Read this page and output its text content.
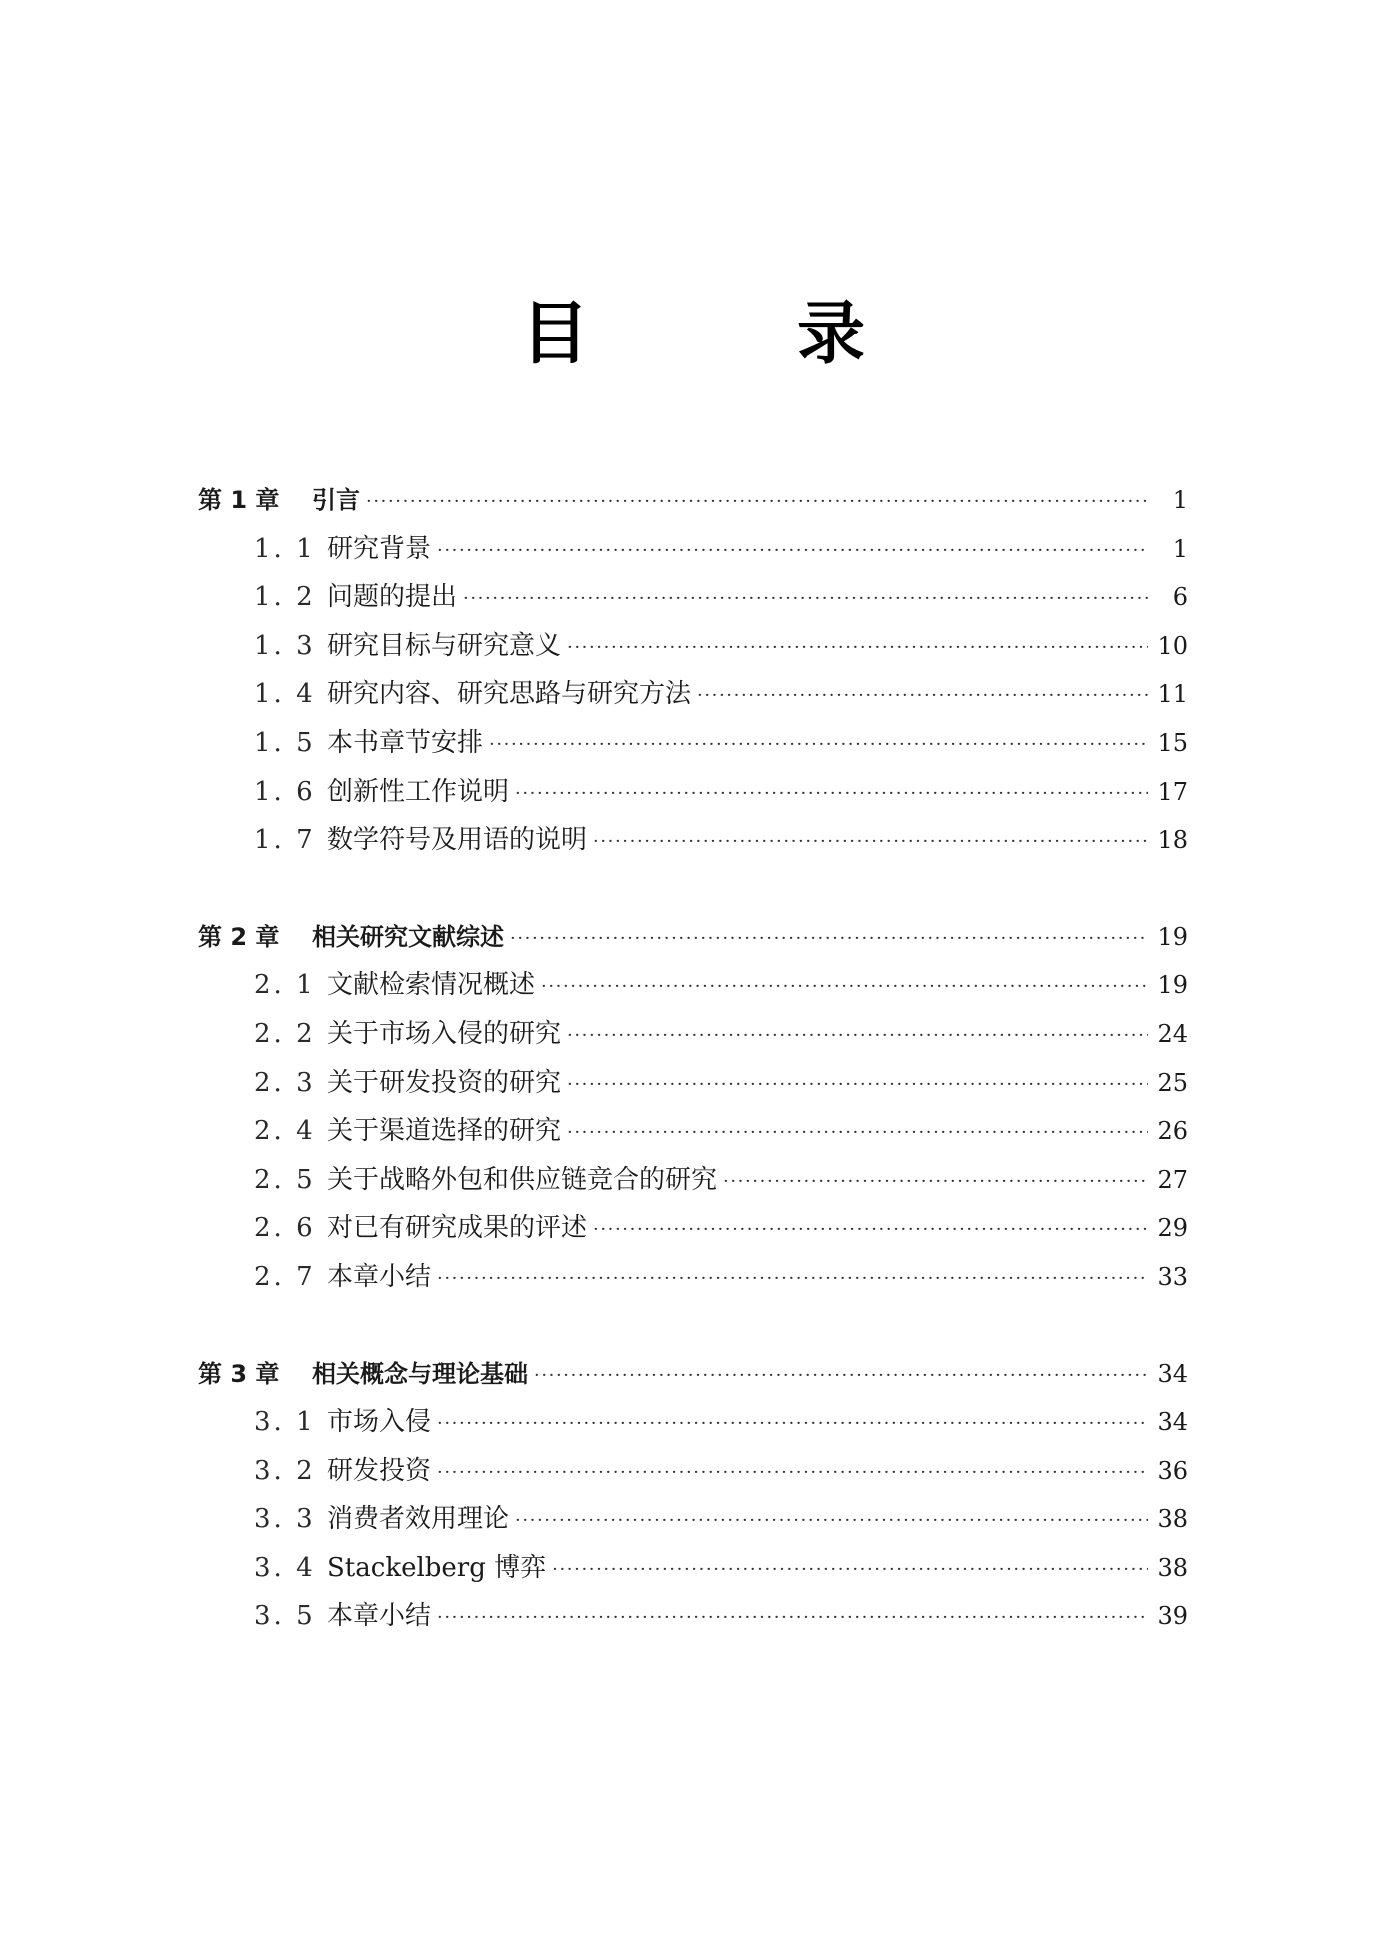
目　录
第 1 章	引言 ·····	1
1. 1 研究背景 ·····	1
1. 2 问题的提出 ·····	6
1. 3 研究目标与研究意义 ·····	10
1. 4 研究内容、研究思路与研究方法 ·····	11
1. 5 本书章节安排 ·····	15
1. 6 创新性工作说明 ·····	17
1. 7 数学符号及用语的说明 ·····	18
第 2 章	相关研究文献综述 ·····	19
2. 1 文献检索情况概述 ·····	19
2. 2 关于市场入侵的研究 ·····	24
2. 3 关于研发投资的研究 ·····	25
2. 4 关于渠道选择的研究 ·····	26
2. 5 关于战略外包和供应链竞合的研究 ·····	27
2. 6 对已有研究成果的评述 ·····	29
2. 7 本章小结 ·····	33
第 3 章	相关概念与理论基础 ·····	34
3. 1 市场入侵 ·····	34
3. 2 研发投资 ·····	36
3. 3 消费者效用理论 ·····	38
3. 4 Stackelberg 博弈 ·····	38
3. 5 本章小结 ·····	39
